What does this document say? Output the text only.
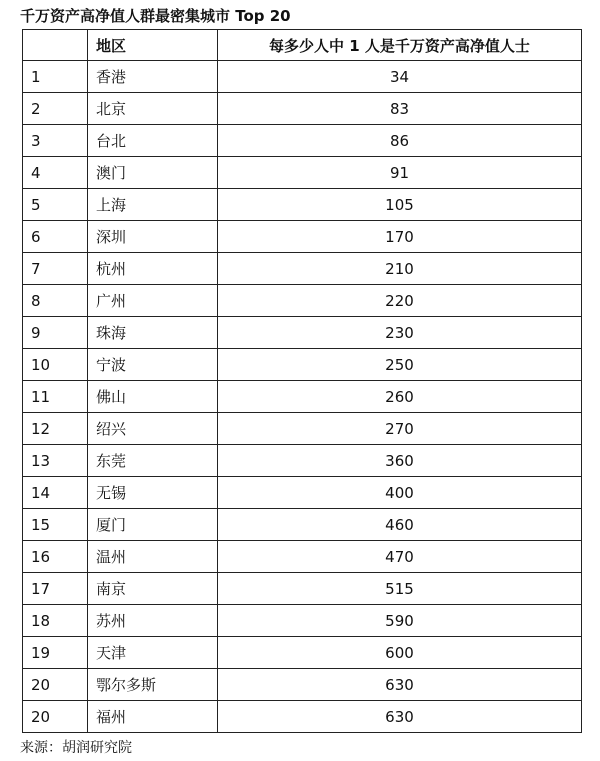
千万资产高净值人群最密集城市 Top 20
	地区	每多少人中 1 人是千万资产高净值人士
1	香港	34
2	北京	83
3	台北	86
4	澳门	91
5	上海	105
6	深圳	170
7	杭州	210
8	广州	220
9	珠海	230
10	宁波	250
11	佛山	260
12	绍兴	270
13	东莞	360
14	无锡	400
15	厦门	460
16	温州	470
17	南京	515
18	苏州	590
19	天津	600
20	鄂尔多斯	630
20	福州	630
来源：胡润研究院
